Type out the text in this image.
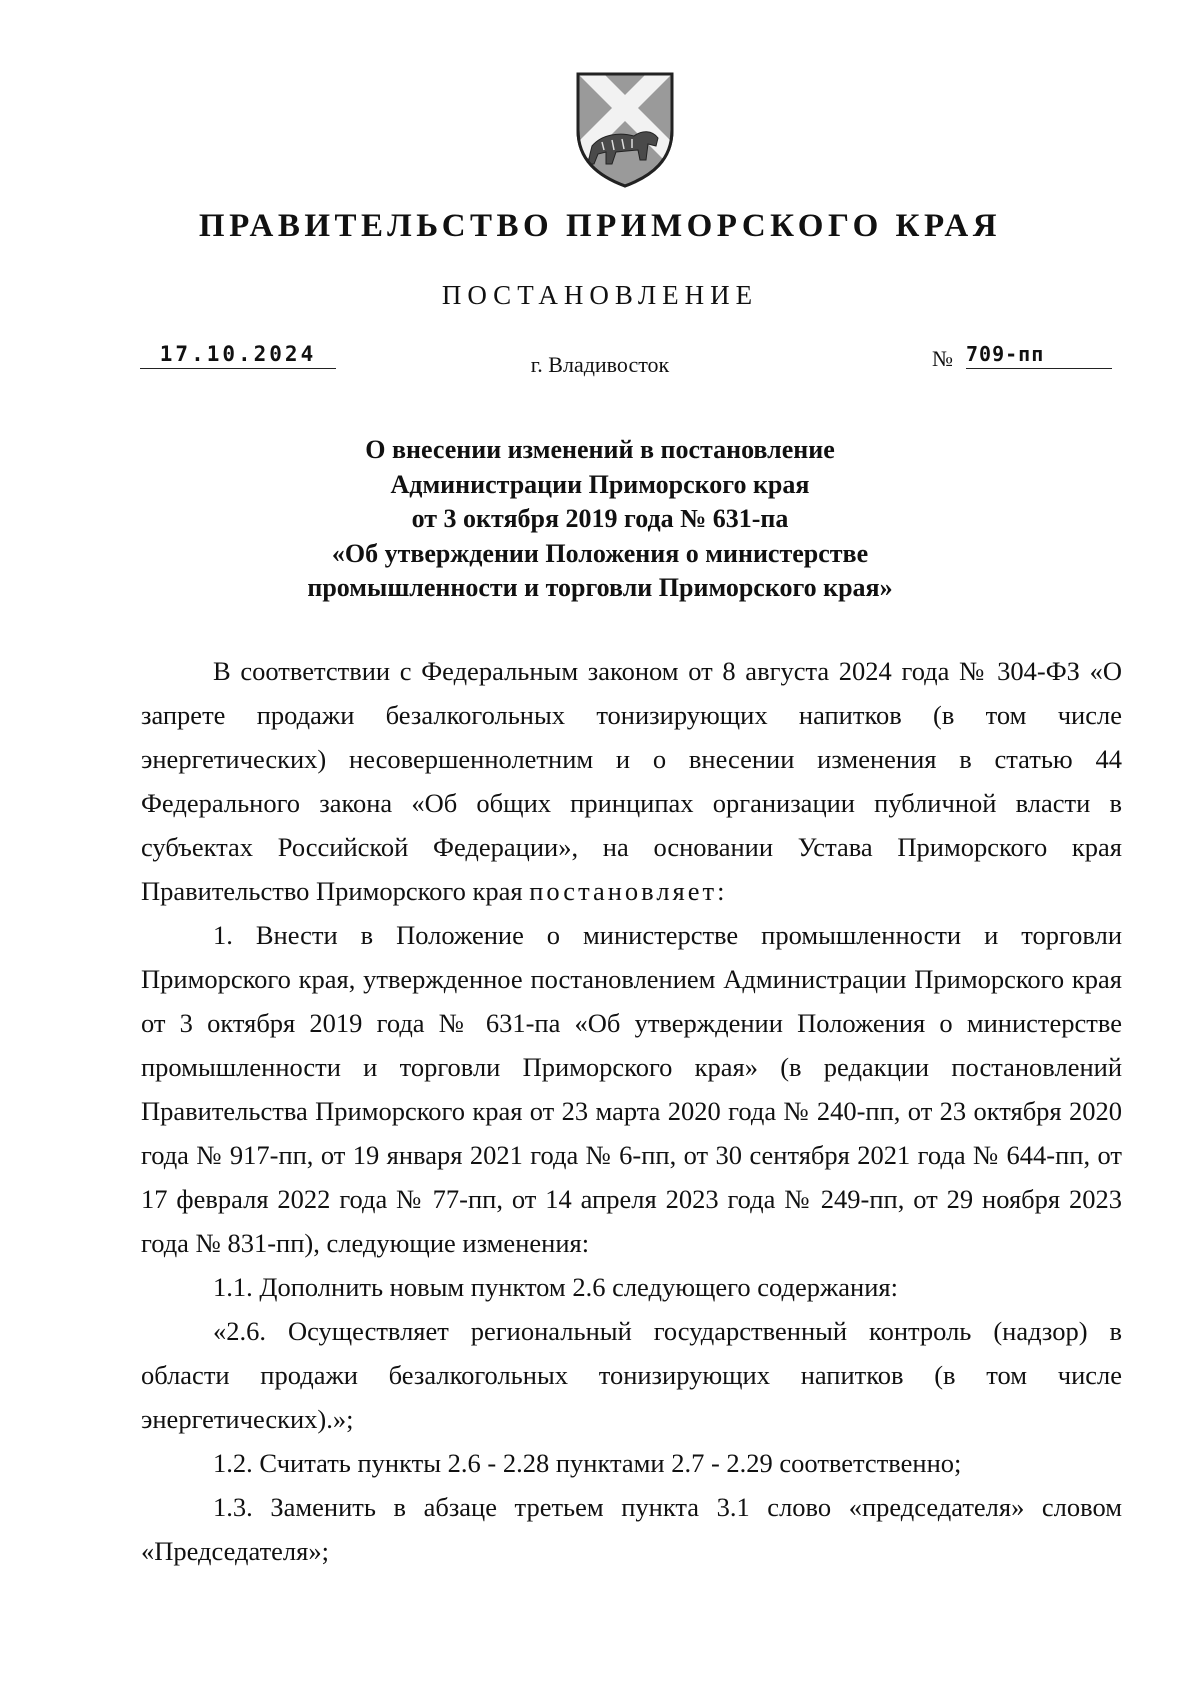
ПРАВИТЕЛЬСТВО ПРИМОРСКОГО КРАЯ
ПОСТАНОВЛЕНИЕ
17.10.2024	г. Владивосток	№ 709-пп
О внесении изменений в постановление
Администрации Приморского края
от 3 октября 2019 года № 631-па
«Об утверждении Положения о министерстве
промышленности и торговли Приморского края»

В соответствии с Федеральным законом от 8 августа 2024 года № 304-ФЗ «О запрете продажи безалкогольных тонизирующих напитков (в том числе энергетических) несовершеннолетним и о внесении изменения в статью 44 Федерального закона «Об общих принципах организации публичной власти в субъектах Российской Федерации», на основании Устава Приморского края Правительство Приморского края постановляет:

1. Внести в Положение о министерстве промышленности и торговли Приморского края, утвержденное постановлением Администрации Приморского края от 3 октября 2019 года № 631-па «Об утверждении Положения о министерстве промышленности и торговли Приморского края» (в редакции постановлений Правительства Приморского края от 23 марта 2020 года № 240-пп, от 23 октября 2020 года № 917-пп, от 19 января 2021 года № 6-пп, от 30 сентября 2021 года № 644-пп, от 17 февраля 2022 года № 77-пп, от 14 апреля 2023 года № 249-пп, от 29 ноября 2023 года № 831-пп), следующие изменения:

1.1. Дополнить новым пунктом 2.6 следующего содержания:

«2.6. Осуществляет региональный государственный контроль (надзор) в области продажи безалкогольных тонизирующих напитков (в том числе энергетических).»;

1.2. Считать пункты 2.6 - 2.28 пунктами 2.7 - 2.29 соответственно;

1.3. Заменить в абзаце третьем пункта 3.1 слово «председателя» словом «Председателя»;
